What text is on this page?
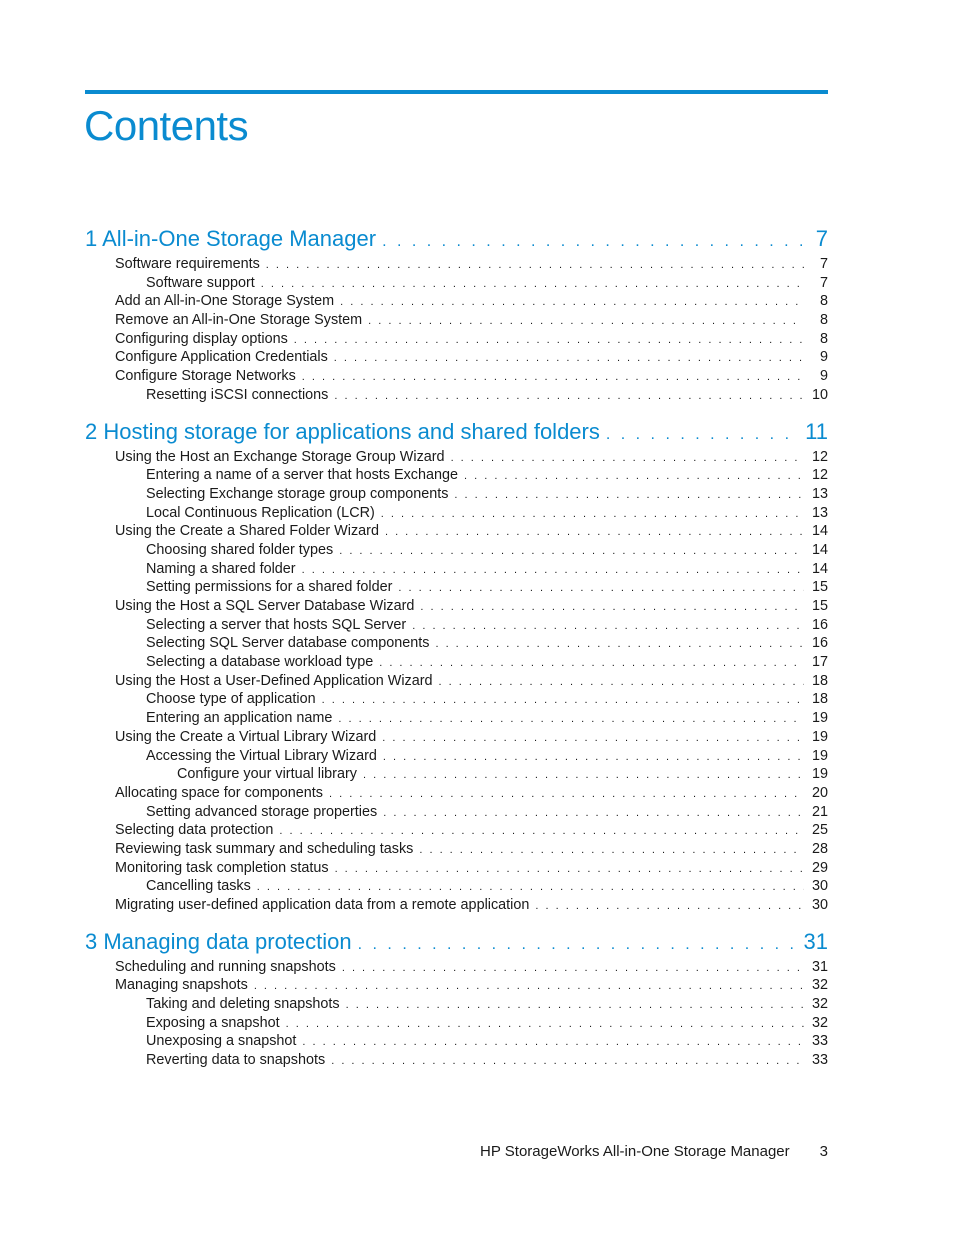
Contents
1 All-in-One Storage Manager . . .	7
Software requirements . . .	7
Software support . . .	7
Add an All-in-One Storage System . . .	8
Remove an All-in-One Storage System . . .	8
Configuring display options . . .	8
Configure Application Credentials . . .	9
Configure Storage Networks . . .	9
Resetting iSCSI connections . . .	10
2 Hosting storage for applications and shared folders . . .	11
Using the Host an Exchange Storage Group Wizard . . .	12
Entering a name of a server that hosts Exchange . . .	12
Selecting Exchange storage group components . . .	13
Local Continuous Replication (LCR) . . .	13
Using the Create a Shared Folder Wizard . . .	14
Choosing shared folder types . . .	14
Naming a shared folder . . .	14
Setting permissions for a shared folder . . .	15
Using the Host a SQL Server Database Wizard . . .	15
Selecting a server that hosts SQL Server . . .	16
Selecting SQL Server database components . . .	16
Selecting a database workload type . . .	17
Using the Host a User-Defined Application Wizard . . .	18
Choose type of application . . .	18
Entering an application name . . .	19
Using the Create a Virtual Library Wizard . . .	19
Accessing the Virtual Library Wizard . . .	19
Configure your virtual library . . .	19
Allocating space for components . . .	20
Setting advanced storage properties . . .	21
Selecting data protection . . .	25
Reviewing task summary and scheduling tasks . . .	28
Monitoring task completion status . . .	29
Cancelling tasks . . .	30
Migrating user-defined application data from a remote application . . .	30
3 Managing data protection . . .	31
Scheduling and running snapshots . . .	31
Managing snapshots . . .	32
Taking and deleting snapshots . . .	32
Exposing a snapshot . . .	32
Unexposing a snapshot . . .	33
Reverting data to snapshots . . .	33
HP StorageWorks All-in-One Storage Manager 3
